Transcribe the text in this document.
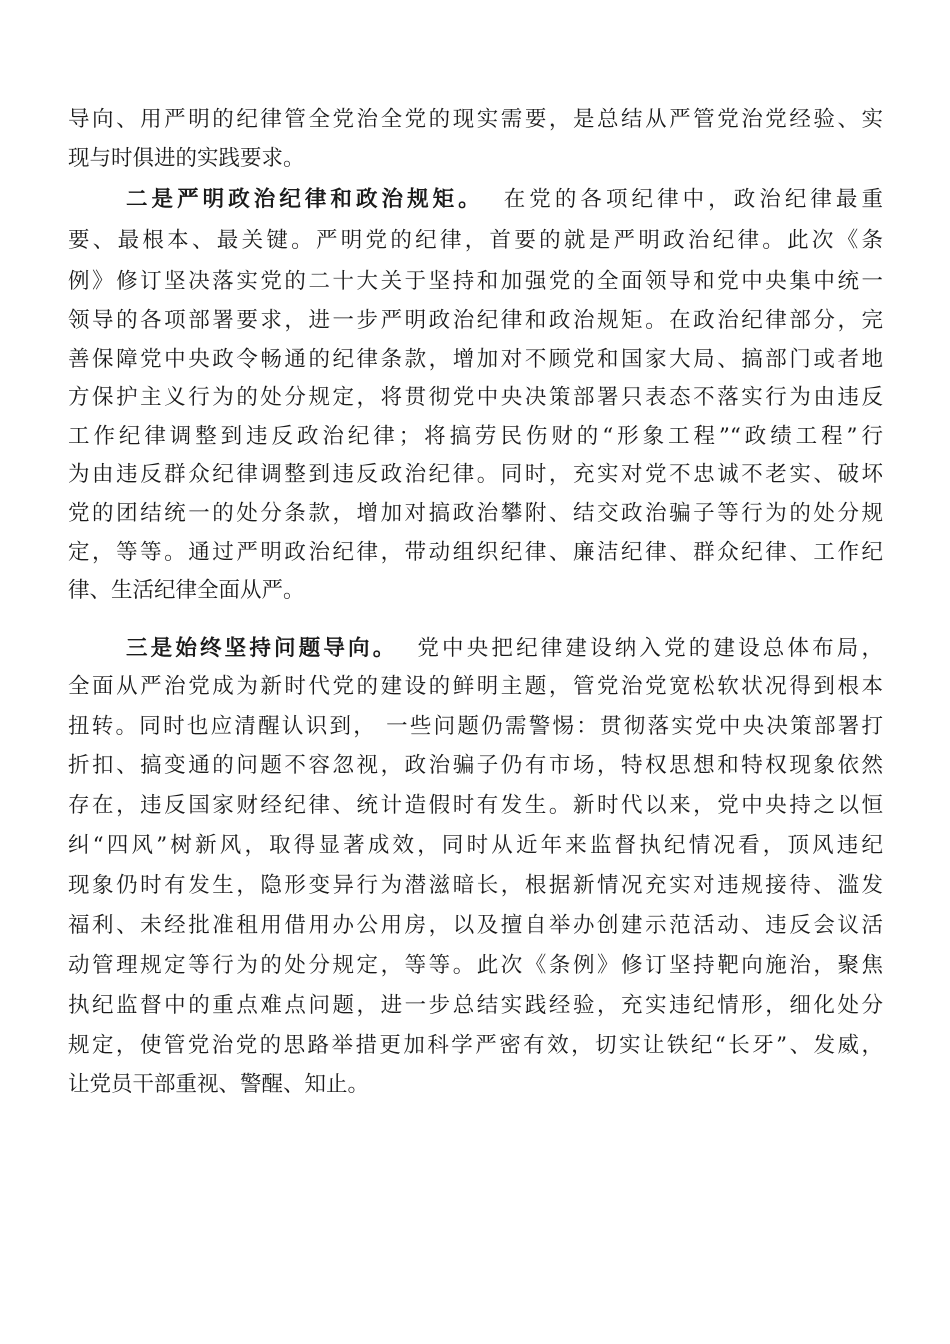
导向、用严明的纪律管全党治全党的现实需要，是总结从严管党治党经验、实
现与时俱进的实践要求。
二是严明政治纪律和政治规矩。 在党的各项纪律中，政治纪律最重
要、最根本、最关键。严明党的纪律，首要的就是严明政治纪律。此次《条
例》修订坚决落实党的二十大关于坚持和加强党的全面领导和党中央集中统一
领导的各项部署要求，进一步严明政治纪律和政治规矩。在政治纪律部分，完
善保障党中央政令畅通的纪律条款，增加对不顾党和国家大局、搞部门或者地
方保护主义行为的处分规定，将贯彻党中央决策部署只表态不落实行为由违反
工作纪律调整到违反政治纪律；将搞劳民伤财的“形象工程”“政绩工程”行
为由违反群众纪律调整到违反政治纪律。同时，充实对党不忠诚不老实、破坏
党的团结统一的处分条款，增加对搞政治攀附、结交政治骗子等行为的处分规
定，等等。通过严明政治纪律，带动组织纪律、廉洁纪律、群众纪律、工作纪
律、生活纪律全面从严。
三是始终坚持问题导向。 党中央把纪律建设纳入党的建设总体布局，
全面从严治党成为新时代党的建设的鲜明主题，管党治党宽松软状况得到根本
扭转。同时也应清醒认识到， 一些问题仍需警惕：贯彻落实党中央决策部署打
折扣、搞变通的问题不容忽视，政治骗子仍有市场，特权思想和特权现象依然
存在，违反国家财经纪律、统计造假时有发生。新时代以来，党中央持之以恒
纠“四风”树新风，取得显著成效，同时从近年来监督执纪情况看，顶风违纪
现象仍时有发生，隐形变异行为潜滋暗长，根据新情况充实对违规接待、滥发
福利、未经批准租用借用办公用房，以及擅自举办创建示范活动、违反会议活
动管理规定等行为的处分规定，等等。此次《条例》修订坚持靶向施治，聚焦
执纪监督中的重点难点问题，进一步总结实践经验，充实违纪情形，细化处分
规定，使管党治党的思路举措更加科学严密有效，切实让铁纪“长牙”、发威，
让党员干部重视、警醒、知止。
